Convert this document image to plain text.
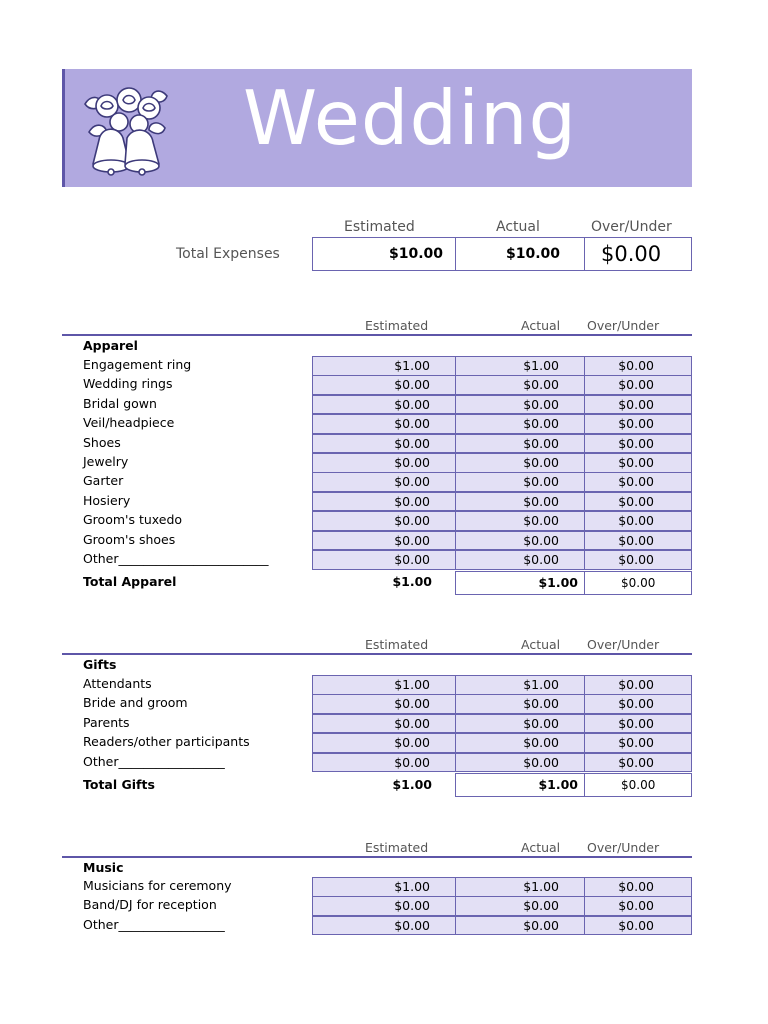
Wedding
Estimated	Actual	Over/Under
Total Expenses	$10.00	$10.00	$0.00
Estimated	Actual Over/Under
Apparel
Engagement ring	$1.00	$1.00	$0.00
Wedding rings	$0.00	$0.00	$0.00
Bridal gown	$0.00	$0.00	$0.00
Veil/headpiece	$0.00	$0.00	$0.00
Shoes	$0.00	$0.00	$0.00
Jewelry	$0.00	$0.00	$0.00
Garter	$0.00	$0.00	$0.00
Hosiery	$0.00	$0.00	$0.00
Groom's tuxedo	$0.00	$0.00	$0.00
Groom's shoes	$0.00	$0.00	$0.00
Other________________________	$0.00	$0.00	$0.00
Total Apparel	$1.00	$1.00	$0.00
Estimated	Actual Over/Under
Gifts
Attendants	$1.00	$1.00	$0.00
Bride and groom	$0.00	$0.00	$0.00
Parents	$0.00	$0.00	$0.00
Readers/other participants	$0.00	$0.00	$0.00
Other_________________	$0.00	$0.00	$0.00
Total Gifts	$1.00	$1.00	$0.00
Estimated	Actual Over/Under
Music
Musicians for ceremony	$1.00	$1.00	$0.00
Band/DJ for reception	$0.00	$0.00	$0.00
Other_________________	$0.00	$0.00	$0.00
